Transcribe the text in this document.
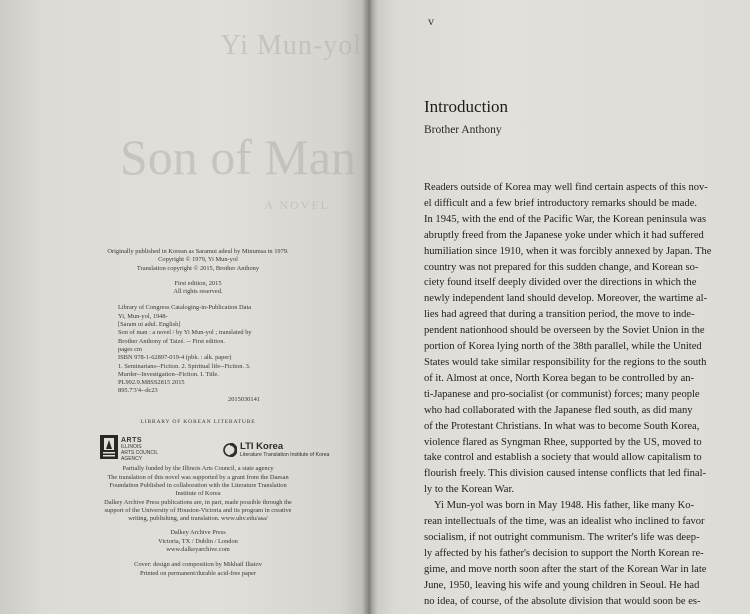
Yi Mun-yol
Son of Man
A NOVEL
Originally published in Korean as Saramui adeul by Minumsa in 1979.
Copyright © 1979, Yi Mun-yol
Translation copyright © 2015, Brother Anthony
First edition, 2015
All rights reserved.
Library of Congress Cataloging-in-Publication Data
Yi, Mun-yol, 1948-
[Saram ui adul. English]
Son of man : a novel / by Yi Mun-yol ; translated by
Brother Anthony of Taizé. -- First edition.
pages cm
ISBN 978-1-62897-019-4 (pbk. : alk. paper)
1. Seminarians--Fiction. 2. Spiritual life--Fiction. 3.
Murder--Investigation--Fiction. I. Title.
PL992.9.M8SS2815 2015
895.7'3'4--dc23
2015030141
LIBRARY OF KOREAN LITERATURE
ARTS
ILLINOIS
ARTS COUNCIL
AGENCY
LTI Korea
Literature Translation Institute of Korea
Partially funded by the Illinois Arts Council, a state agency
The translation of this novel was supported by a grant from the Daesan
Foundation Published in collaboration with the Literature Translation
Institute of Korea
Dalkey Archive Press publications are, in part, made possible through the
support of the University of Houston-Victoria and its program in creative
writing, publishing, and translation. www.uhv.edu/asa/
Dalkey Archive Press
Victoria, TX / Dublin / London
www.dalkeyarchive.com
Cover: design and composition by Mikhail Iliatov
Printed on permanent/durable acid-free paper
v
Introduction
Brother Anthony
Readers outside of Korea may well find certain aspects of this nov-
el difficult and a few brief introductory remarks should be made.
In 1945, with the end of the Pacific War, the Korean peninsula was
abruptly freed from the Japanese yoke under which it had suffered
humiliation since 1910, when it was forcibly annexed by Japan. The
country was not prepared for this sudden change, and Korean so-
ciety found itself deeply divided over the directions in which the
newly independent land should develop. Moreover, the wartime al-
lies had agreed that during a transition period, the move to inde-
pendent nationhood should be overseen by the Soviet Union in the
portion of Korea lying north of the 38th parallel, while the United
States would take similar responsibility for the regions to the south
of it. Almost at once, North Korea began to be controlled by an-
ti-Japanese and pro-socialist (or communist) forces; many people
who had collaborated with the Japanese fled south, as did many
of the Protestant Christians. In what was to become South Korea,
violence flared as Syngman Rhee, supported by the US, moved to
take control and establish a society that would allow capitalism to
flourish freely. This division caused intense conflicts that led final-
ly to the Korean War.
Yi Mun-yol was born in May 1948. His father, like many Ko-
rean intellectuals of the time, was an idealist who inclined to favor
socialism, if not outright communism. The writer's life was deep-
ly affected by his father's decision to support the North Korean re-
gime, and move north soon after the start of the Korean War in late
June, 1950, leaving his wife and young children in Seoul. He had
no idea, of course, of the absolute division that would soon be es-
